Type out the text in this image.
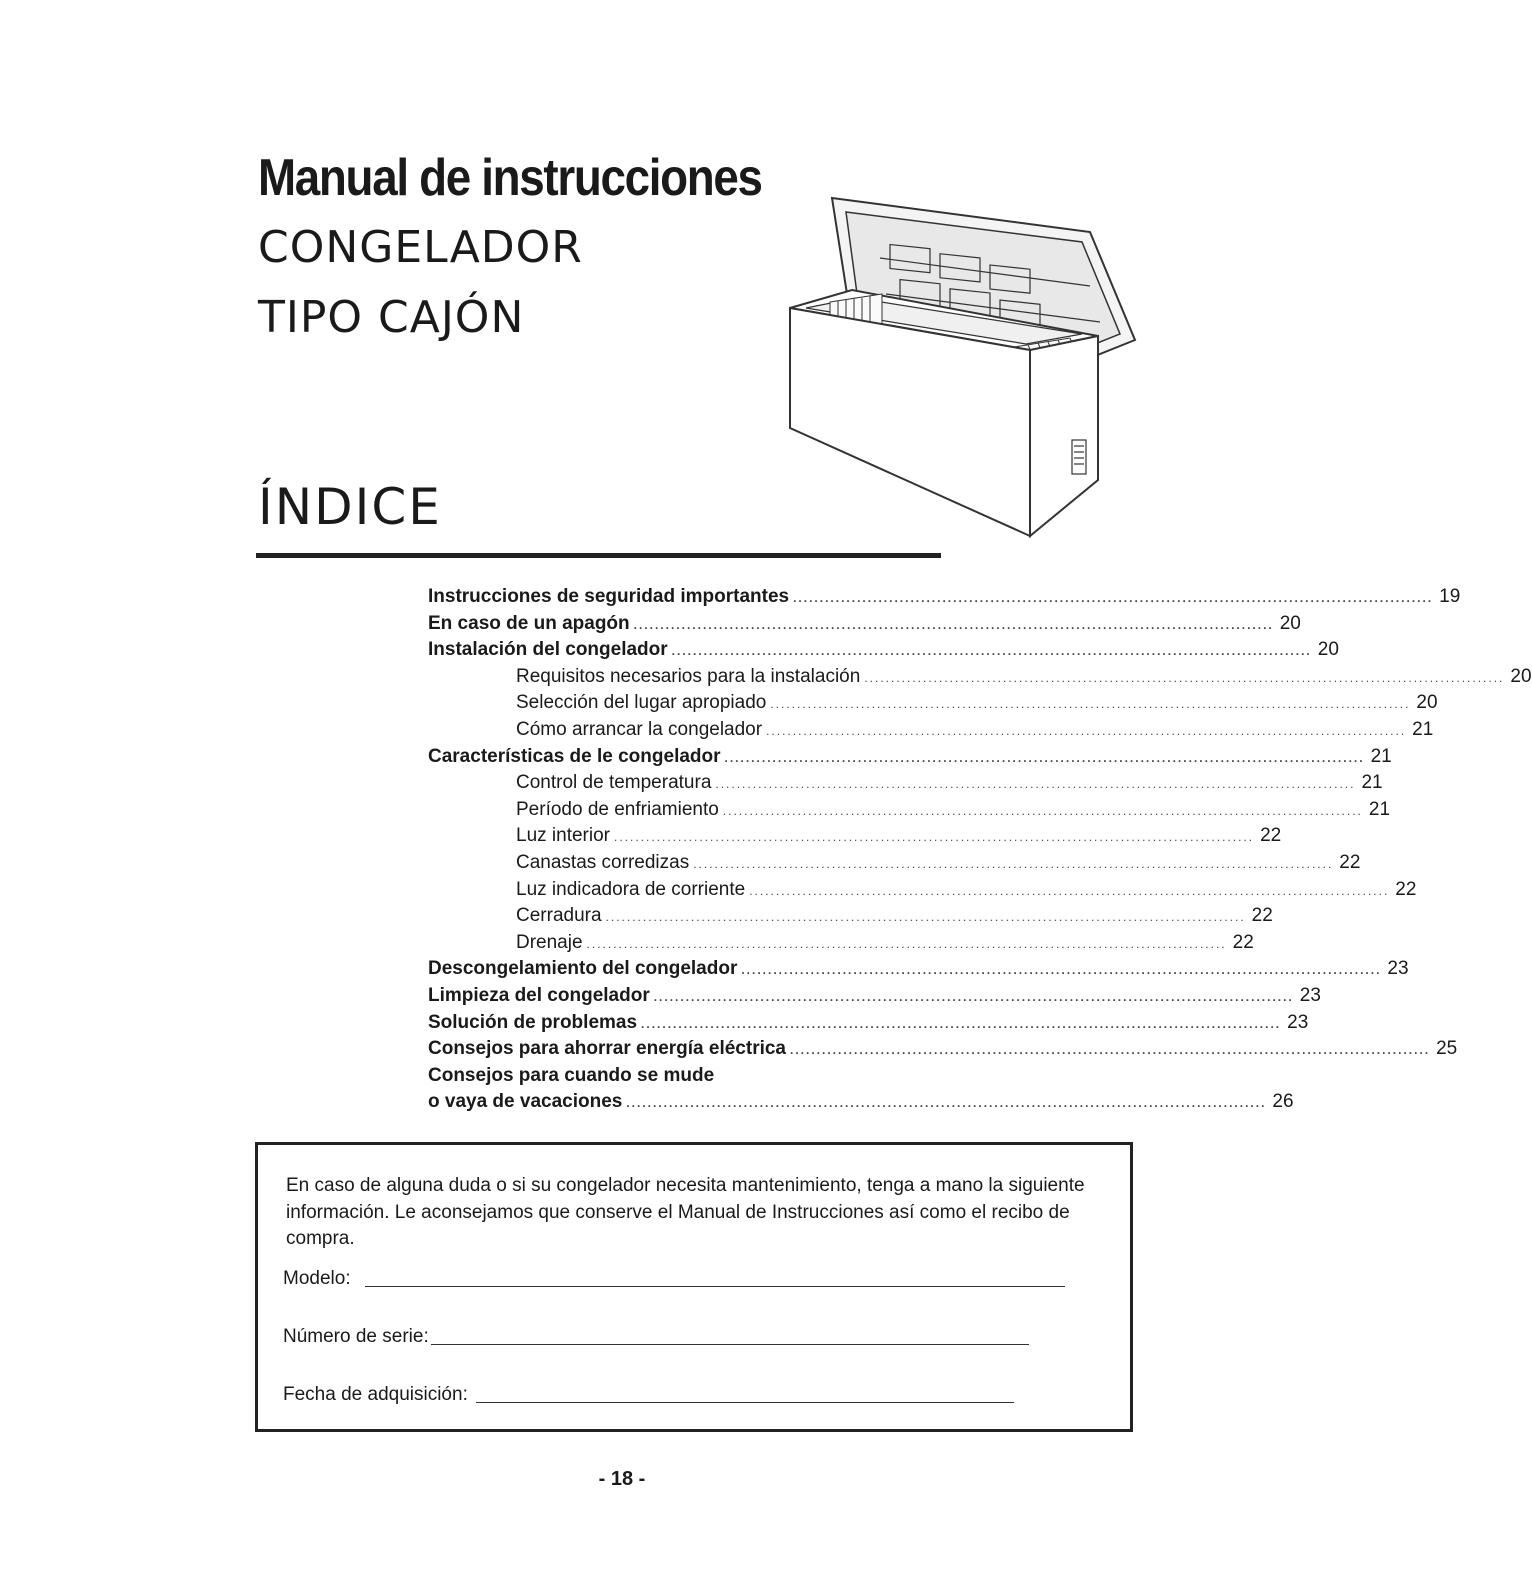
Manual de instrucciones
CONGELADOR
TIPO CAJÓN
ÍNDICE
Instrucciones de seguridad importantes ........................................................................................................................ 19
En caso de un apagón ........................................................................................................................ 20
Instalación del congelador ........................................................................................................................ 20
Requisitos necesarios para la instalación ........................................................................................................................ 20
Selección del lugar apropiado ........................................................................................................................ 20
Cómo arrancar la congelador ........................................................................................................................ 21
Características de le congelador ........................................................................................................................ 21
Control de temperatura ........................................................................................................................ 21
Período de enfriamiento ........................................................................................................................ 21
Luz interior ........................................................................................................................ 22
Canastas corredizas ........................................................................................................................ 22
Luz indicadora de corriente ........................................................................................................................ 22
Cerradura ........................................................................................................................ 22
Drenaje ........................................................................................................................ 22
Descongelamiento del congelador ........................................................................................................................ 23
Limpieza del congelador ........................................................................................................................ 23
Solución de problemas ........................................................................................................................ 23
Consejos para ahorrar energía eléctrica ........................................................................................................................ 25
Consejos para cuando se mude
o vaya de vacaciones ........................................................................................................................ 26

En caso de alguna duda o si su congelador necesita mantenimiento, tenga a mano la siguiente información. Le aconsejamos que conserve el Manual de Instrucciones así como el recibo de compra.

Modelo:
Número de serie:
Fecha de adquisición:
- 18 -
